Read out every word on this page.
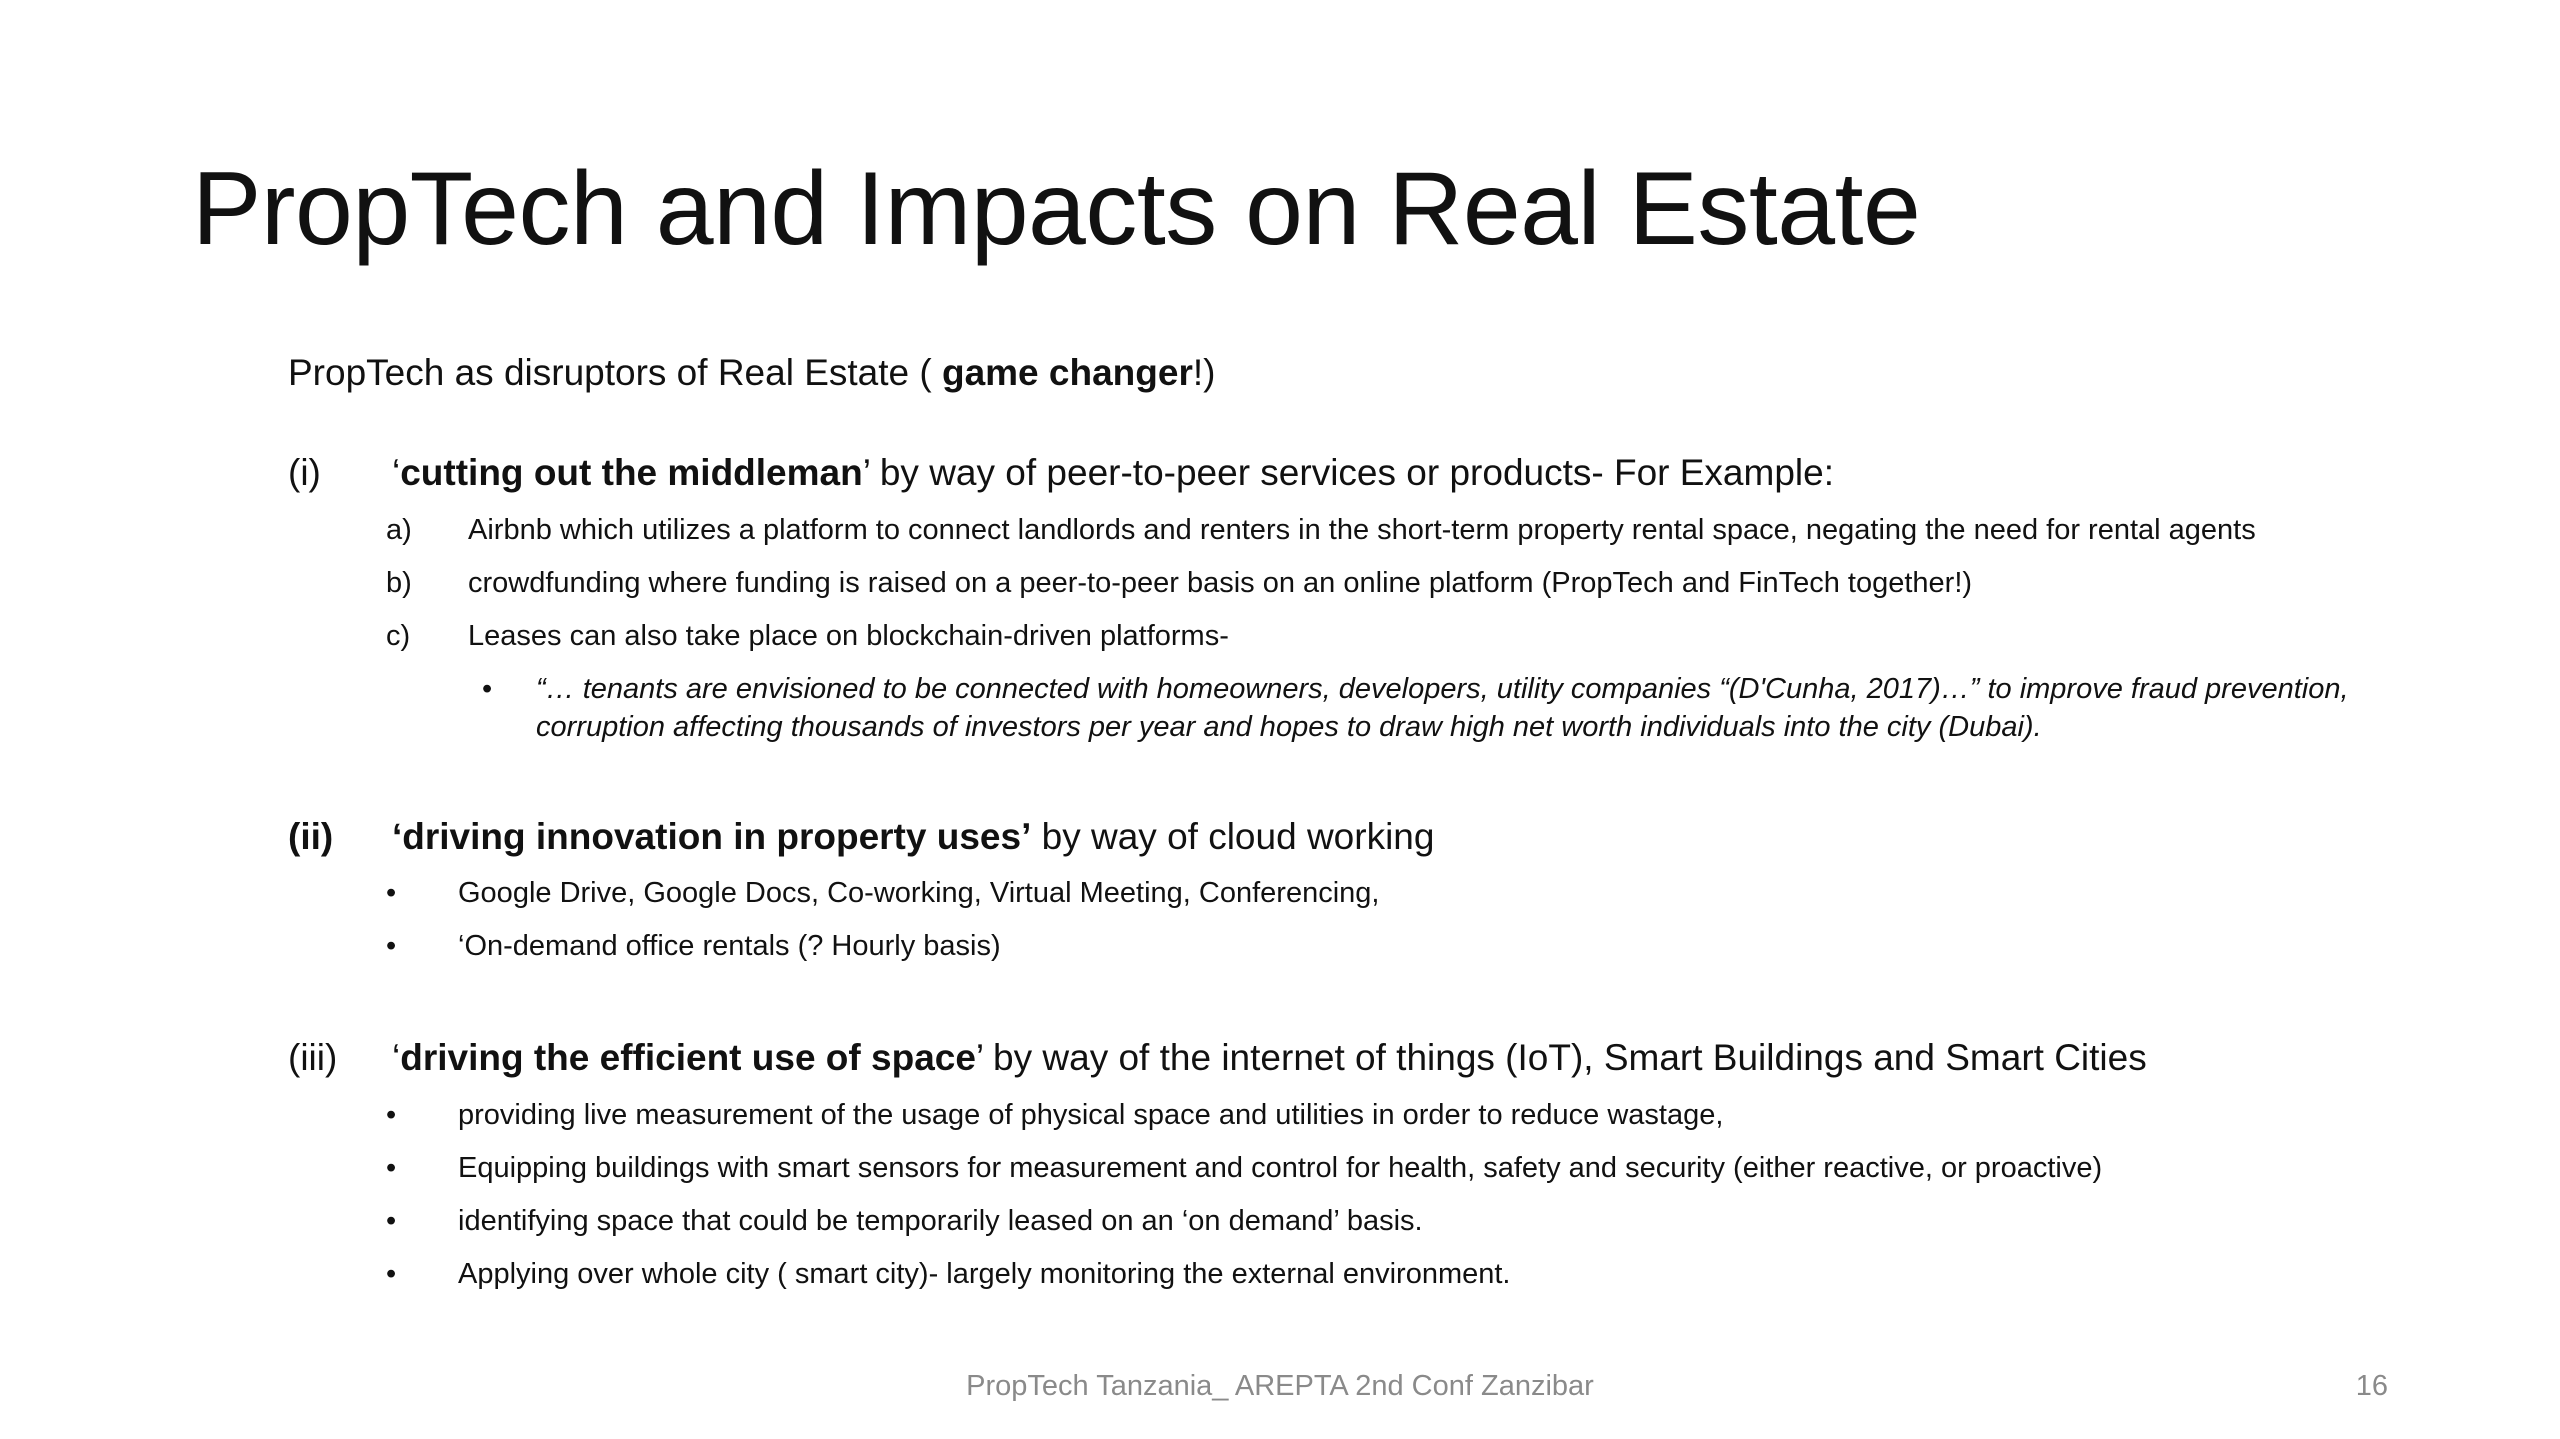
PropTech and Impacts on Real Estate
PropTech as disruptors of Real Estate ( game changer!)
(i) ‘cutting out the middleman’ by way of peer-to-peer services or products- For Example:
a) Airbnb which utilizes a platform to connect landlords and renters in the short-term property rental space, negating the need for rental agents
b) crowdfunding where funding is raised on a peer-to-peer basis on an online platform (PropTech and FinTech together!)
c) Leases can also take place on blockchain-driven platforms-
• “… tenants are envisioned to be connected with homeowners, developers, utility companies “(D'Cunha, 2017)…” to improve fraud prevention, corruption affecting thousands of investors per year and hopes to draw high net worth individuals into the city (Dubai).
(ii) ‘driving innovation in property uses’ by way of cloud working
• Google Drive, Google Docs, Co-working, Virtual Meeting, Conferencing,
• ‘On-demand office rentals (? Hourly basis)
(iii) ‘driving the efficient use of space’ by way of the internet of things (IoT), Smart Buildings and Smart Cities
• providing live measurement of the usage of physical space and utilities in order to reduce wastage,
• Equipping buildings with smart sensors for measurement and control for health, safety and security (either reactive, or proactive)
• identifying space that could be temporarily leased on an ‘on demand’ basis.
• Applying over whole city ( smart city)- largely monitoring the external environment.
PropTech Tanzania_ AREPTA 2nd Conf Zanzibar	16
